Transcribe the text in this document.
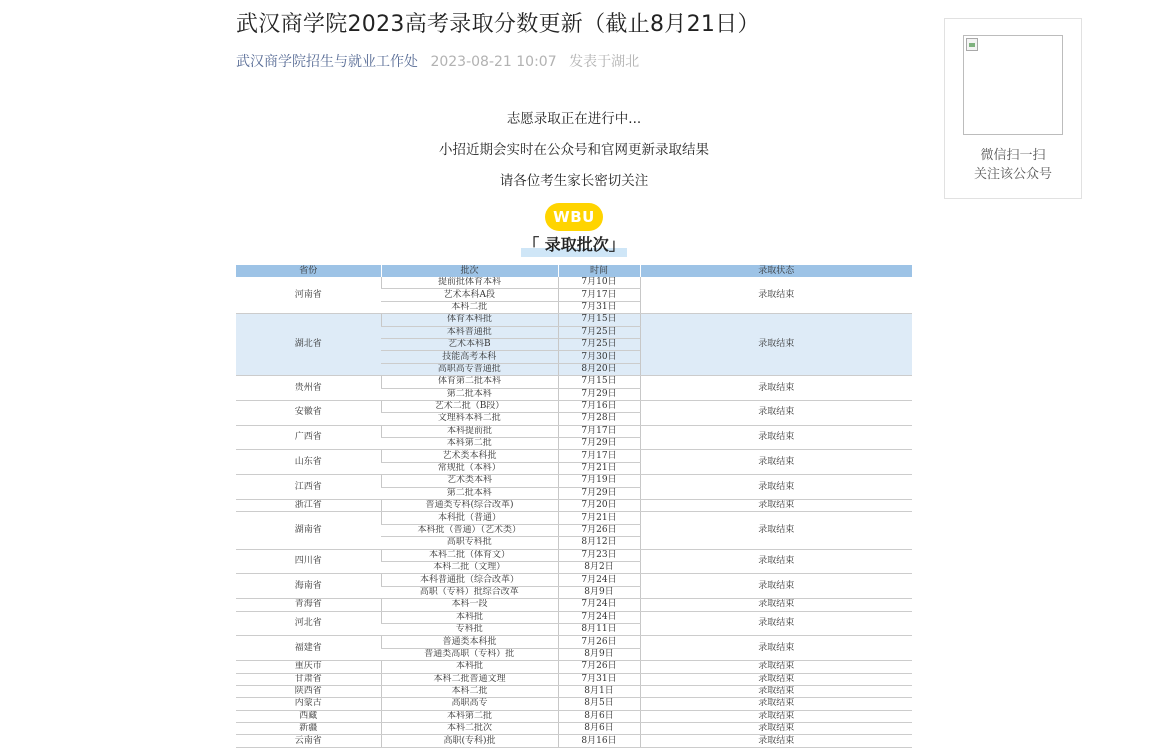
武汉商学院2023高考录取分数更新（截止8月21日）
武汉商学院招生与就业工作处 2023-08-21 10:07 发表于湖北

志愿录取正在进行中...

小招近期会实时在公众号和官网更新录取结果

请各位考生家长密切关注

WBU
「 录取批次」
省份	批次	时间	录取状态
河南省	提前批体育本科	7月10日	录取结束
	艺术本科A段	7月17日	
	本科二批	7月31日	
湖北省	体育本科批	7月15日	录取结束
	本科普通批	7月25日	
	艺术本科B	7月25日	
	技能高考本科	7月30日	
	高职高专普通批	8月20日	
贵州省	体育第二批本科	7月15日	录取结束
	第二批本科	7月29日	
安徽省	艺术二批（B段）	7月16日	录取结束
	文理科本科二批	7月28日	
广西省	本科提前批	7月17日	录取结束
	本科第二批	7月29日	
山东省	艺术类本科批	7月17日	录取结束
	常规批（本科）	7月21日	
江西省	艺术类本科	7月19日	录取结束
	第二批本科	7月29日	
浙江省	普通类专科(综合改革)	7月20日	录取结束
湖南省	本科批（普通）	7月21日	录取结束
	本科批（普通）（艺术类）	7月26日	
	高职专科批	8月12日	
四川省	本科二批（体育文）	7月23日	录取结束
	本科二批（文理）	8月2日	
海南省	本科普通批（综合改革）	7月24日	录取结束
	高职（专科）批综合改革	8月9日	
青海省	本科一段	7月24日	录取结束
河北省	本科批	7月24日	录取结束
	专科批	8月11日	
福建省	普通类本科批	7月26日	录取结束
	普通类高职（专科）批	8月9日	
重庆市	本科批	7月26日	录取结束
甘肃省	本科二批普通文理	7月31日	录取结束
陕西省	本科二批	8月1日	录取结束
内蒙古	高职高专	8月5日	录取结束
西藏	本科第二批	8月6日	录取结束
新疆	本科二批次	8月6日	录取结束
云南省	高职(专科)批	8月16日	录取结束
微信扫一扫
关注该公众号
